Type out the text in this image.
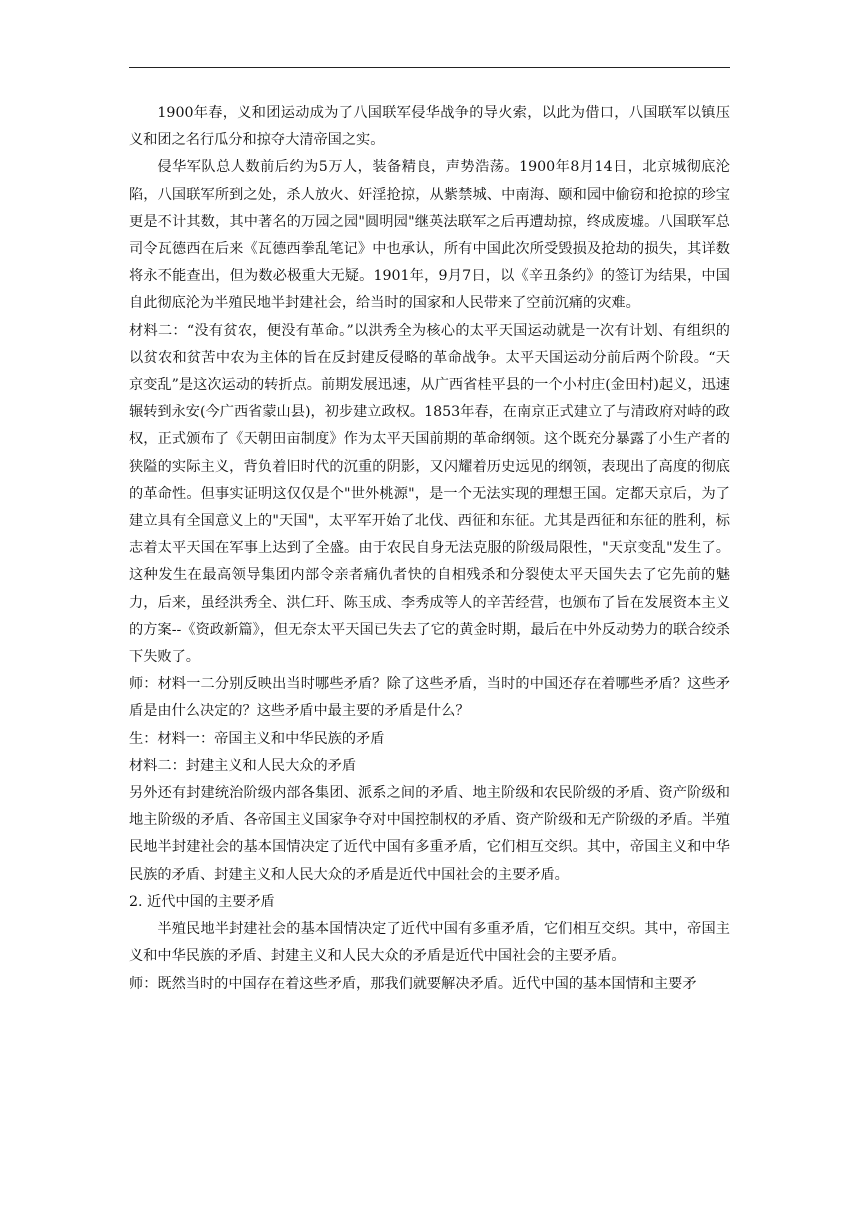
1900年春，义和团运动成为了八国联军侵华战争的导火索，以此为借口，八国联军以镇压义和团之名行瓜分和掠夺大清帝国之实。

侵华军队总人数前后约为5万人，装备精良，声势浩荡。1900年8月14日，北京城彻底沦陷，八国联军所到之处，杀人放火、奸淫抢掠，从紫禁城、中南海、颐和园中偷窃和抢掠的珍宝更是不计其数，其中著名的万园之园"圆明园"继英法联军之后再遭劫掠，终成废墟。八国联军总司令瓦德西在后来《瓦德西拳乱笔记》中也承认，所有中国此次所受毁损及抢劫的损失，其详数将永不能查出，但为数必极重大无疑。1901年，9月7日，以《辛丑条约》的签订为结果，中国自此彻底沦为半殖民地半封建社会，给当时的国家和人民带来了空前沉痛的灾难。

材料二：“没有贫农，便没有革命。”以洪秀全为核心的太平天国运动就是一次有计划、有组织的以贫农和贫苦中农为主体的旨在反封建反侵略的革命战争。太平天国运动分前后两个阶段。“天京变乱”是这次运动的转折点。前期发展迅速，从广西省桂平县的一个小村庄(金田村)起义，迅速辗转到永安(今广西省蒙山县)，初步建立政权。1853年春，在南京正式建立了与清政府对峙的政权，正式颁布了《天朝田亩制度》作为太平天国前期的革命纲领。这个既充分暴露了小生产者的狭隘的实际主义，背负着旧时代的沉重的阴影，又闪耀着历史远见的纲领，表现出了高度的彻底的革命性。但事实证明这仅仅是个"世外桃源"，是一个无法实现的理想王国。定都天京后，为了建立具有全国意义上的"天国"，太平军开始了北伐、西征和东征。尤其是西征和东征的胜利，标志着太平天国在军事上达到了全盛。由于农民自身无法克服的阶级局限性，"天京变乱"发生了。这种发生在最高领导集团内部令亲者痛仇者快的自相残杀和分裂使太平天国失去了它先前的魅力，后来，虽经洪秀全、洪仁玕、陈玉成、李秀成等人的辛苦经营，也颁布了旨在发展资本主义的方案--《资政新篇》，但无奈太平天国已失去了它的黄金时期，最后在中外反动势力的联合绞杀下失败了。

师：材料一二分别反映出当时哪些矛盾？除了这些矛盾，当时的中国还存在着哪些矛盾？这些矛盾是由什么决定的？这些矛盾中最主要的矛盾是什么？

生：材料一：帝国主义和中华民族的矛盾

材料二：封建主义和人民大众的矛盾

另外还有封建统治阶级内部各集团、派系之间的矛盾、地主阶级和农民阶级的矛盾、资产阶级和地主阶级的矛盾、各帝国主义国家争夺对中国控制权的矛盾、资产阶级和无产阶级的矛盾。半殖民地半封建社会的基本国情决定了近代中国有多重矛盾，它们相互交织。其中，帝国主义和中华民族的矛盾、封建主义和人民大众的矛盾是近代中国社会的主要矛盾。

2. 近代中国的主要矛盾

半殖民地半封建社会的基本国情决定了近代中国有多重矛盾，它们相互交织。其中，帝国主义和中华民族的矛盾、封建主义和人民大众的矛盾是近代中国社会的主要矛盾。

师：既然当时的中国存在着这些矛盾，那我们就要解决矛盾。近代中国的基本国情和主要矛
